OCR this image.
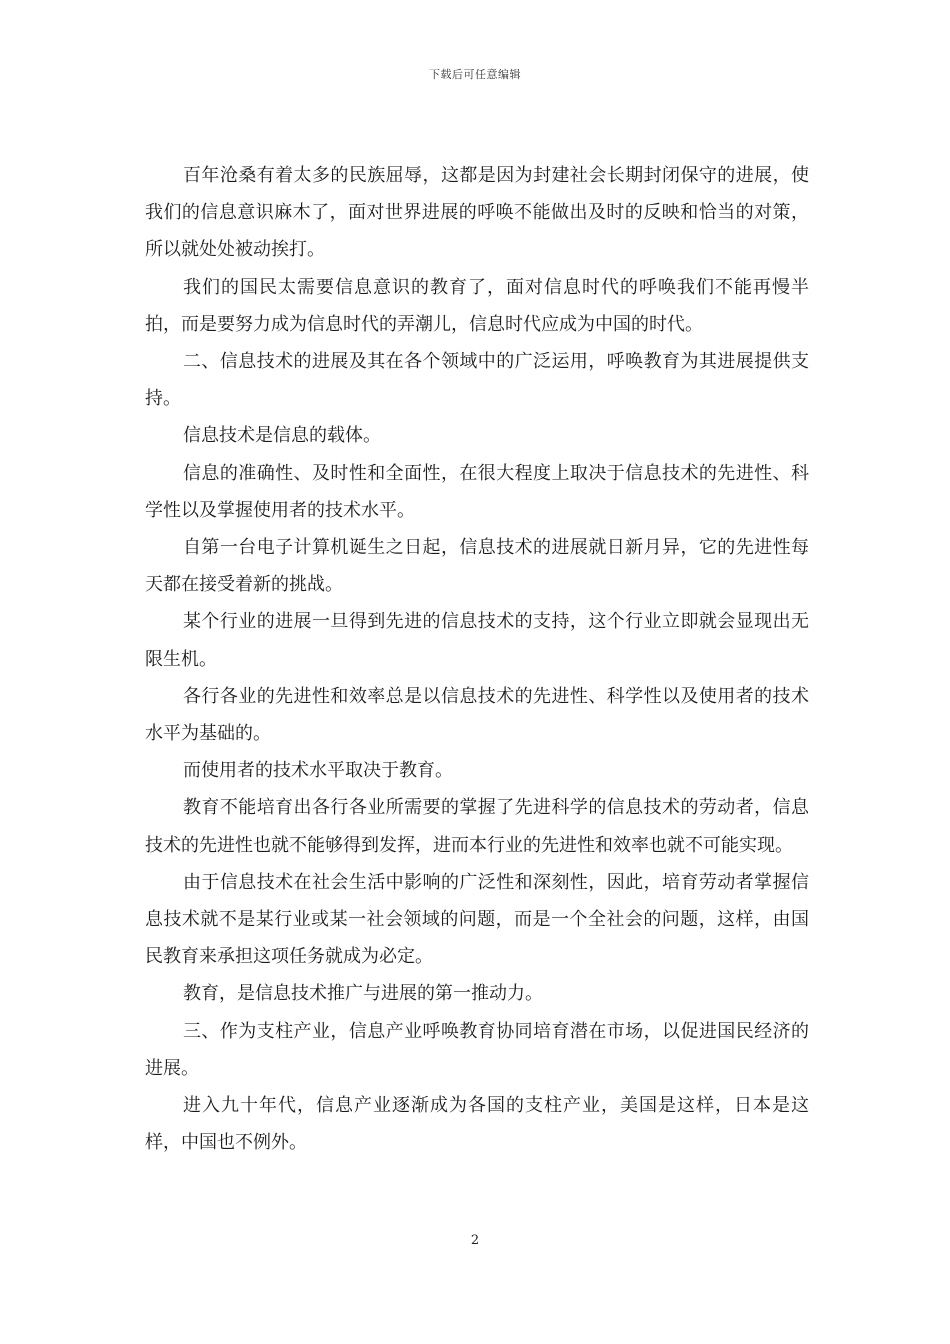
下载后可任意编辑

百年沧桑有着太多的民族屈辱，这都是因为封建社会长期封闭保守的进展，使我们的信息意识麻木了，面对世界进展的呼唤不能做出及时的反映和恰当的对策，所以就处处被动挨打。

我们的国民太需要信息意识的教育了，面对信息时代的呼唤我们不能再慢半拍，而是要努力成为信息时代的弄潮儿，信息时代应成为中国的时代。

二、信息技术的进展及其在各个领域中的广泛运用，呼唤教育为其进展提供支持。

信息技术是信息的载体。

信息的准确性、及时性和全面性，在很大程度上取决于信息技术的先进性、科学性以及掌握使用者的技术水平。

自第一台电子计算机诞生之日起，信息技术的进展就日新月异，它的先进性每天都在接受着新的挑战。

某个行业的进展一旦得到先进的信息技术的支持，这个行业立即就会显现出无限生机。

各行各业的先进性和效率总是以信息技术的先进性、科学性以及使用者的技术水平为基础的。

而使用者的技术水平取决于教育。

教育不能培育出各行各业所需要的掌握了先进科学的信息技术的劳动者，信息技术的先进性也就不能够得到发挥，进而本行业的先进性和效率也就不可能实现。

由于信息技术在社会生活中影响的广泛性和深刻性，因此，培育劳动者掌握信息技术就不是某行业或某一社会领域的问题，而是一个全社会的问题，这样，由国民教育来承担这项任务就成为必定。

教育，是信息技术推广与进展的第一推动力。

三、作为支柱产业，信息产业呼唤教育协同培育潜在市场，以促进国民经济的进展。

进入九十年代，信息产业逐渐成为各国的支柱产业，美国是这样，日本是这样，中国也不例外。

2
